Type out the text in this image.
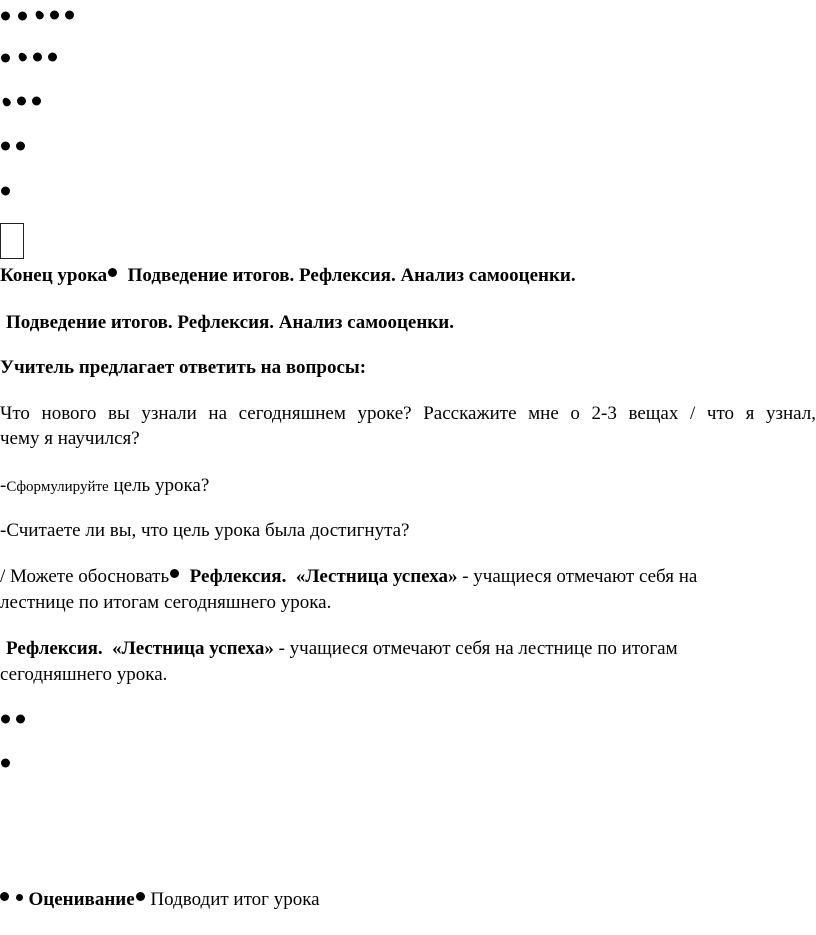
Конец урока Подведение итогов. Рефлексия. Анализ самооценки.
Подведение итогов. Рефлексия. Анализ самооценки.
Учитель предлагает ответить на вопросы:
Что нового вы узнали на сегодняшнем уроке? Расскажите мне о 2-3 вещах / что я узнал,
чему я научился?
-Сформулируйте цель урока?
-Считаете ли вы, что цель урока была достигнута?
/ Можете обосновать Рефлексия. «Лестница успеха» - учащиеся отмечают себя на
лестнице по итогам сегодняшнего урока.
Рефлексия. «Лестница успеха» - учащиеся отмечают себя на лестнице по итогам
сегодняшнего урока.
Оценивание Подводит итог урока
